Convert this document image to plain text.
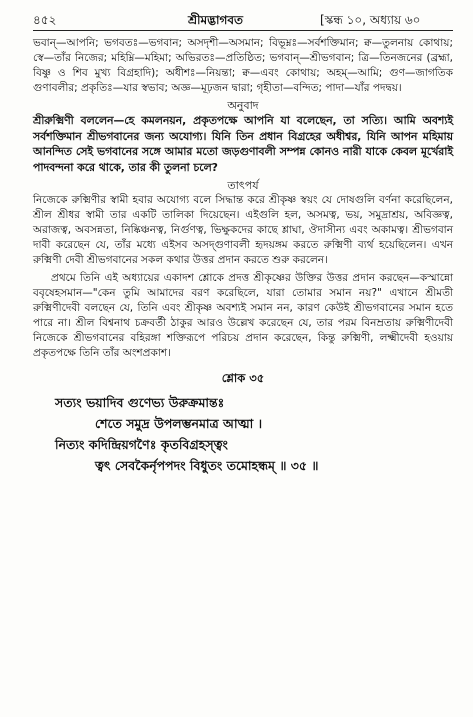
৪৫২	শ্রীমদ্ভাগবত	[স্কন্ধ ১০, অধ্যায় ৬০

ভবান্—আপনি; ভগবতঃ—ভগবান; অসদৃশী—অসমান; বিভূম্নঃ—সর্বশক্তিমান; ক্ব—তুলনায় কোথায়; স্বে—তাঁর নিজের; মহিম্নি—মহিমা; অভিরতঃ—প্রতিষ্ঠিত; ভগবান্—শ্রীভগবান; ত্রি—তিনজনের (ব্রহ্মা, বিষ্ণু ও শিব মুখ্য বিগ্রহাদি); অধীশঃ—নিয়ন্তা; ক্ব—এবং কোথায়; অহম্—আমি; গুণ—জাগতিক গুণাবলীর; প্রকৃতিঃ—যার স্বভাব; অজ্ঞ—মূঢ়জন দ্বারা; গৃহীতা—বন্দিত; পাদা—যাঁর পদদ্বয়।

অনুবাদ

শ্রীরুক্মিণী বললেন—হে কমলনয়ন, প্রকৃতপক্ষে আপনি যা বলেছেন, তা সত্যি। আমি অবশ্যই সর্বশক্তিমান শ্রীভগবানের জন্য অযোগ্য। যিনি তিন প্রধান বিগ্রহের অধীশ্বর, যিনি আপন মহিমায় আনন্দিত সেই ভগবানের সঙ্গে আমার মতো জড়গুণাবলী সম্পন্ন কোনও নারী যাকে কেবল মূর্খেরাই পাদবন্দনা করে থাকে, তার কী তুলনা চলে?

তাৎপর্য

নিজেকে রুক্মিণীর স্বামী হবার অযোগ্য বলে সিদ্ধান্ত করে শ্রীকৃষ্ণ স্বয়ং যে দোষগুলি বর্ণনা করেছিলেন, শ্রীল শ্রীধর স্বামী তার একটি তালিকা দিয়েছেন। এইগুলি হল, অসমত্ব, ভয়, সমুদ্রাশ্রয়, অবিজ্ঞত্ব, অরাজত্ব, অবসন্নতা, নিষ্কিঞ্চনত্ব, নির্গুণত্ব, ভিক্ষুকদের কাছে শ্লাঘা, ঔদাসীন্য এবং অকামত্ব। শ্রীভগবান দাবী করেছেন যে, তাঁর মধ্যে এইসব অসদ্গুণাবলী হৃদয়ঙ্গম করতে রুক্মিণী ব্যর্থ হয়েছিলেন। এখন রুক্মিণী দেবী শ্রীভগবানের সকল কথার উত্তর প্রদান করতে শুরু করলেন।

প্রথমে তিনি এই অধ্যায়ের একাদশ শ্লোকে প্রদত্ত শ্রীকৃষ্ণের উক্তির উত্তর প্রদান করছেন—কস্মান্নো ববৃষেহসমান—"কেন তুমি আমাদের বরণ করেছিলে, যারা তোমার সমান নয়?" এখানে শ্রীমতী রুক্মিণীদেবী বলছেন যে, তিনি এবং শ্রীকৃষ্ণ অবশ্যই সমান নন, কারণ কেউই শ্রীভগবানের সমান হতে পারে না। শ্রীল বিশ্বনাথ চক্রবর্তী ঠাকুর আরও উল্লেখ করেছেন যে, তার পরম বিনম্রতায় রুক্মিণীদেবী নিজেকে শ্রীভগবানের বহিরঙ্গা শক্তিরূপে পরিচয় প্রদান করেছেন, কিন্তু রুক্মিণী, লক্ষ্মীদেবী হওয়ায় প্রকৃতপক্ষে তিনি তাঁর অংশপ্রকাশ।

শ্লোক ৩৫

সত্যং ভয়াদিব গুণেভ্য উরুক্রমান্তঃ

শেতে সমুদ্র উপলম্ভনমাত্র আত্মা ।

নিত্যং কদিন্দ্রিয়গণৈঃ কৃতবিগ্রহস্ত্বং

ত্বৎ সেবকৈর্নৃপপদং বিধুতং তমোহন্ধম্ ॥ ৩৫ ॥
